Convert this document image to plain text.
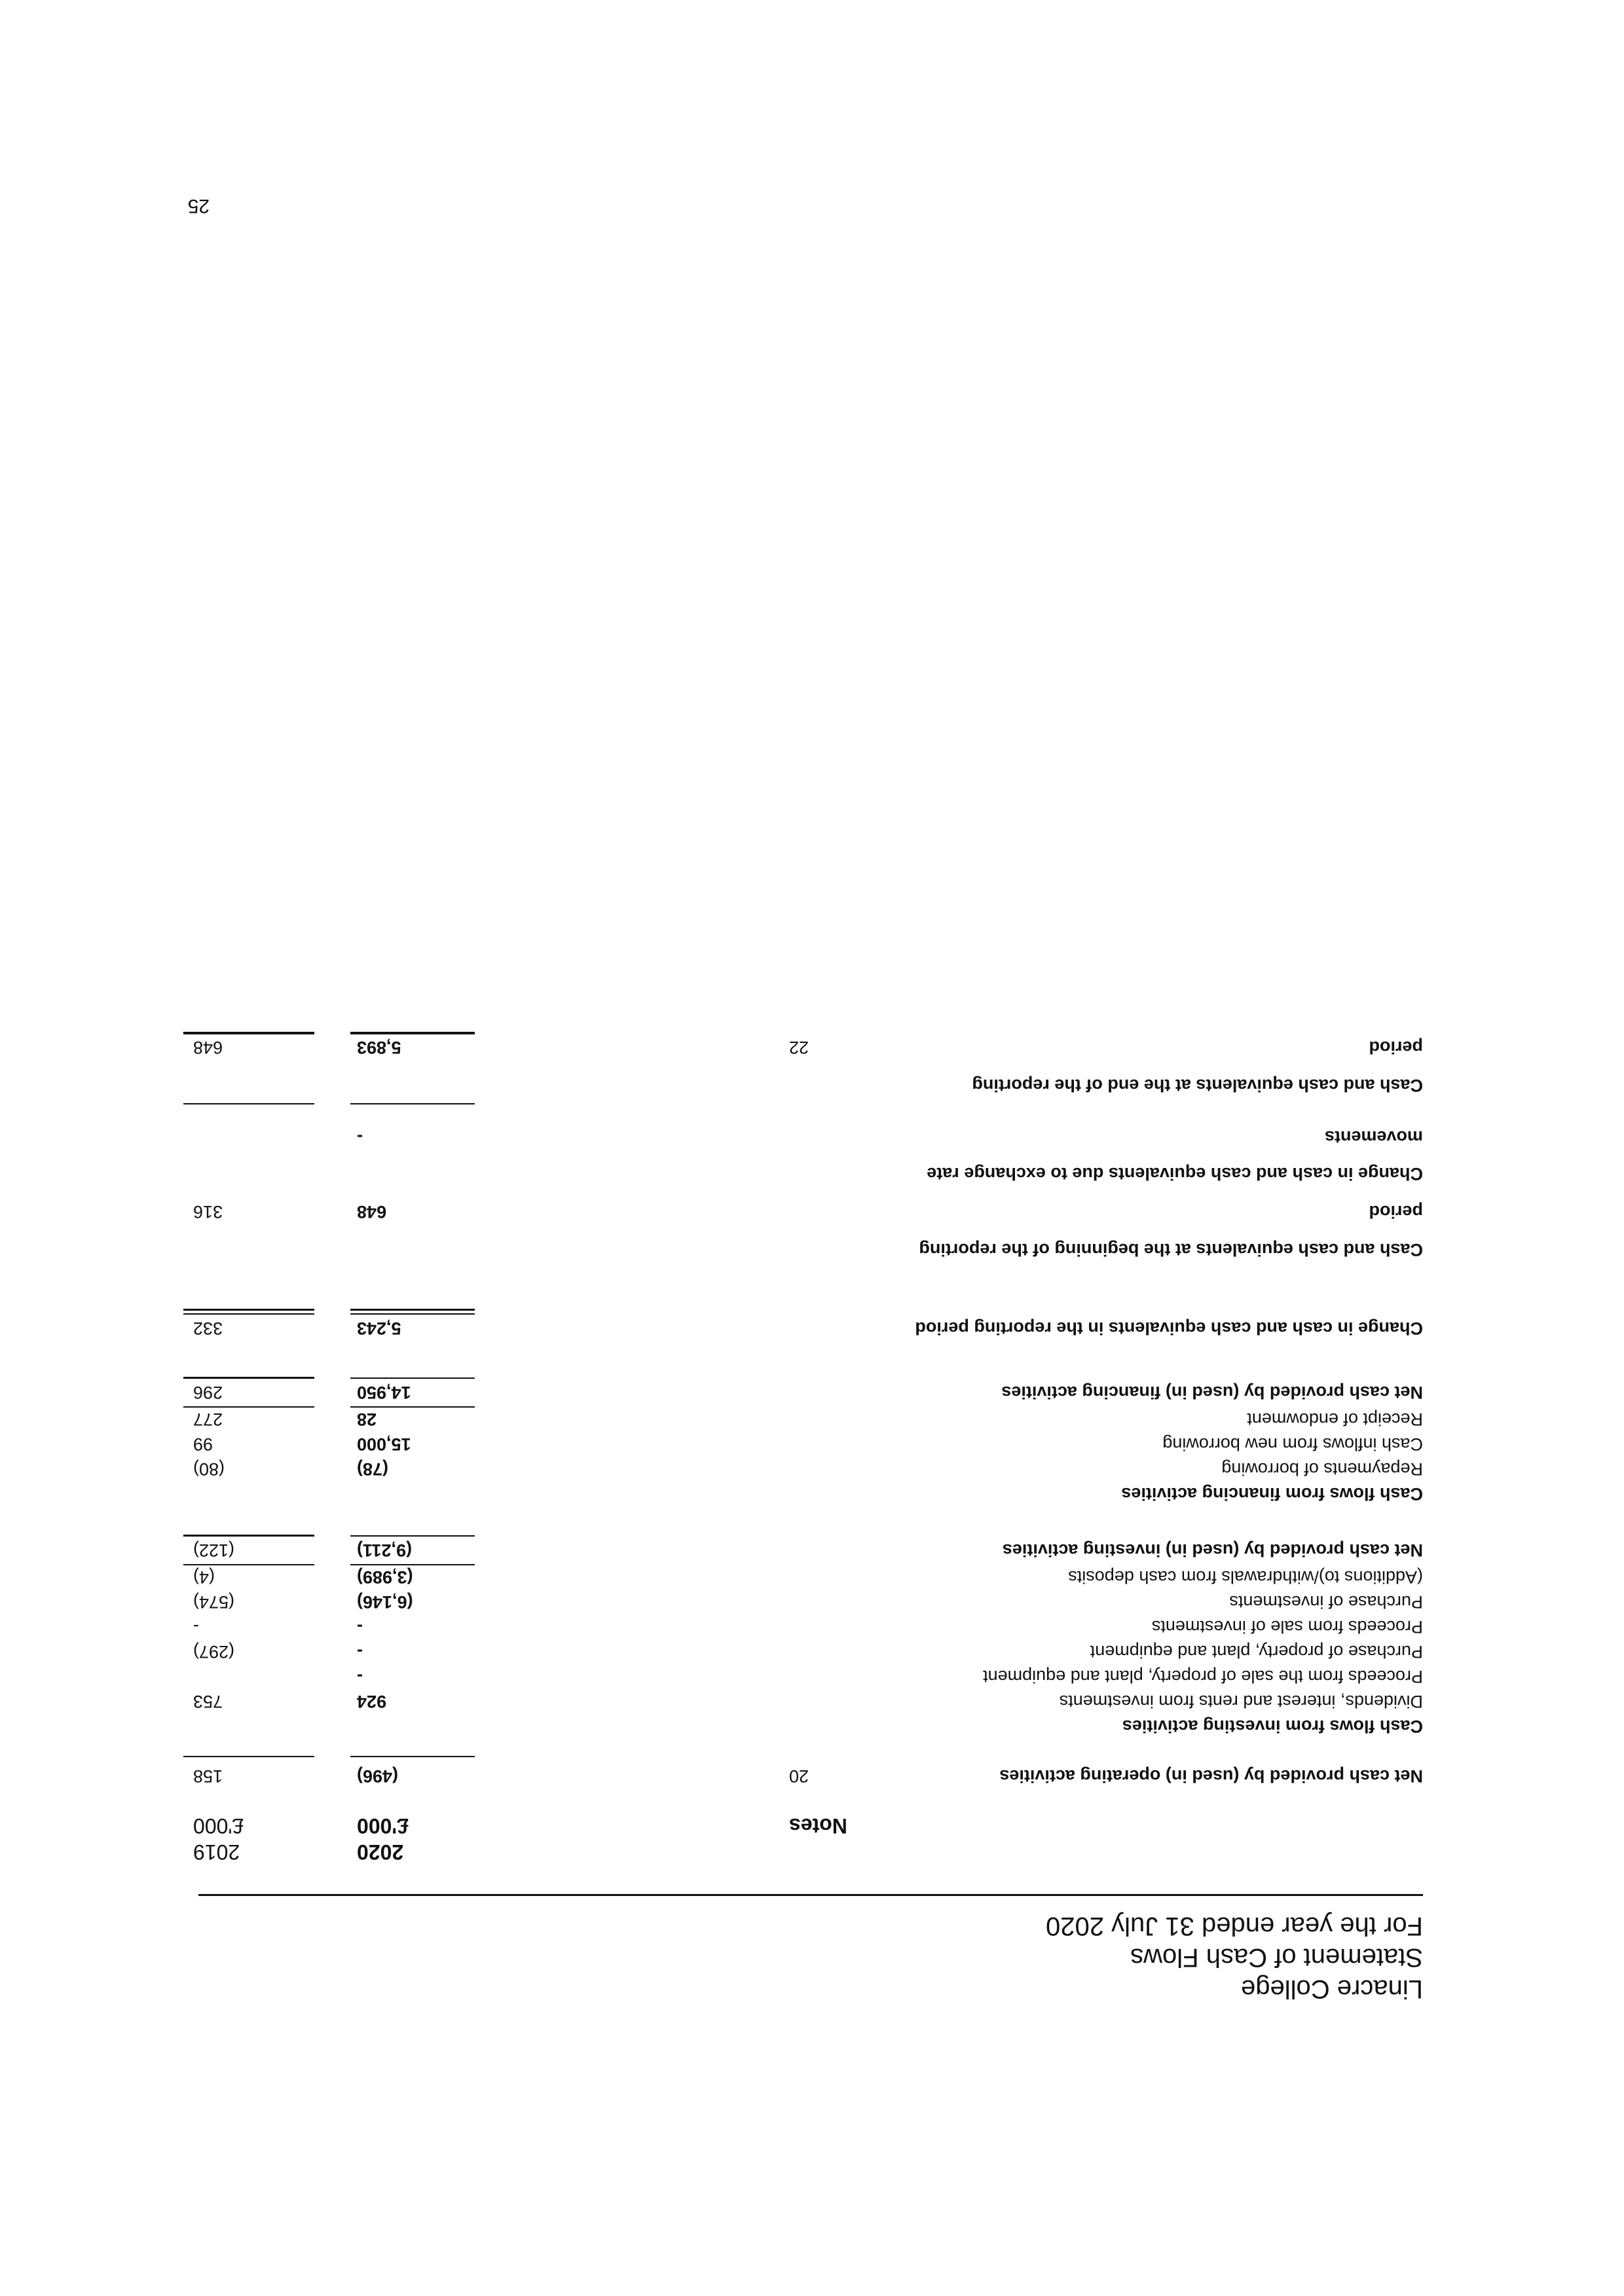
Linacre College
Statement of Cash Flows
For the year ended 31 July 2020
2020
2019
Notes
£'000
£'000
Net cash provided by (used in) operating activities
20
(496)
158
Cash flows from investing activities
Dividends, interest and rents from investments
924
753
Proceeds from the sale of property, plant and equipment
-
Purchase of property, plant and equipment
-
(297)
Proceeds from sale of investments
-
-
Purchase of investments
(6,146)
(574)
(Additions to)/withdrawals from cash deposits
(3,989)
(4)
Net cash provided by (used in) investing activities
(9,211)
(122)
Cash flows from financing activities
Repayments of borrowing
(78)
(80)
Cash inflows from new borrowing
15,000
99
Receipt of endowment
28
277
Net cash provided by (used in) financing activities
14,950
296
Change in cash and cash equivalents in the reporting period
5,243
332
Cash and cash equivalents at the beginning of the reporting
period
648
316
Change in cash and cash equivalents due to exchange rate
movements
-
Cash and cash equivalents at the end of the reporting
period
22
5,893
648
25
